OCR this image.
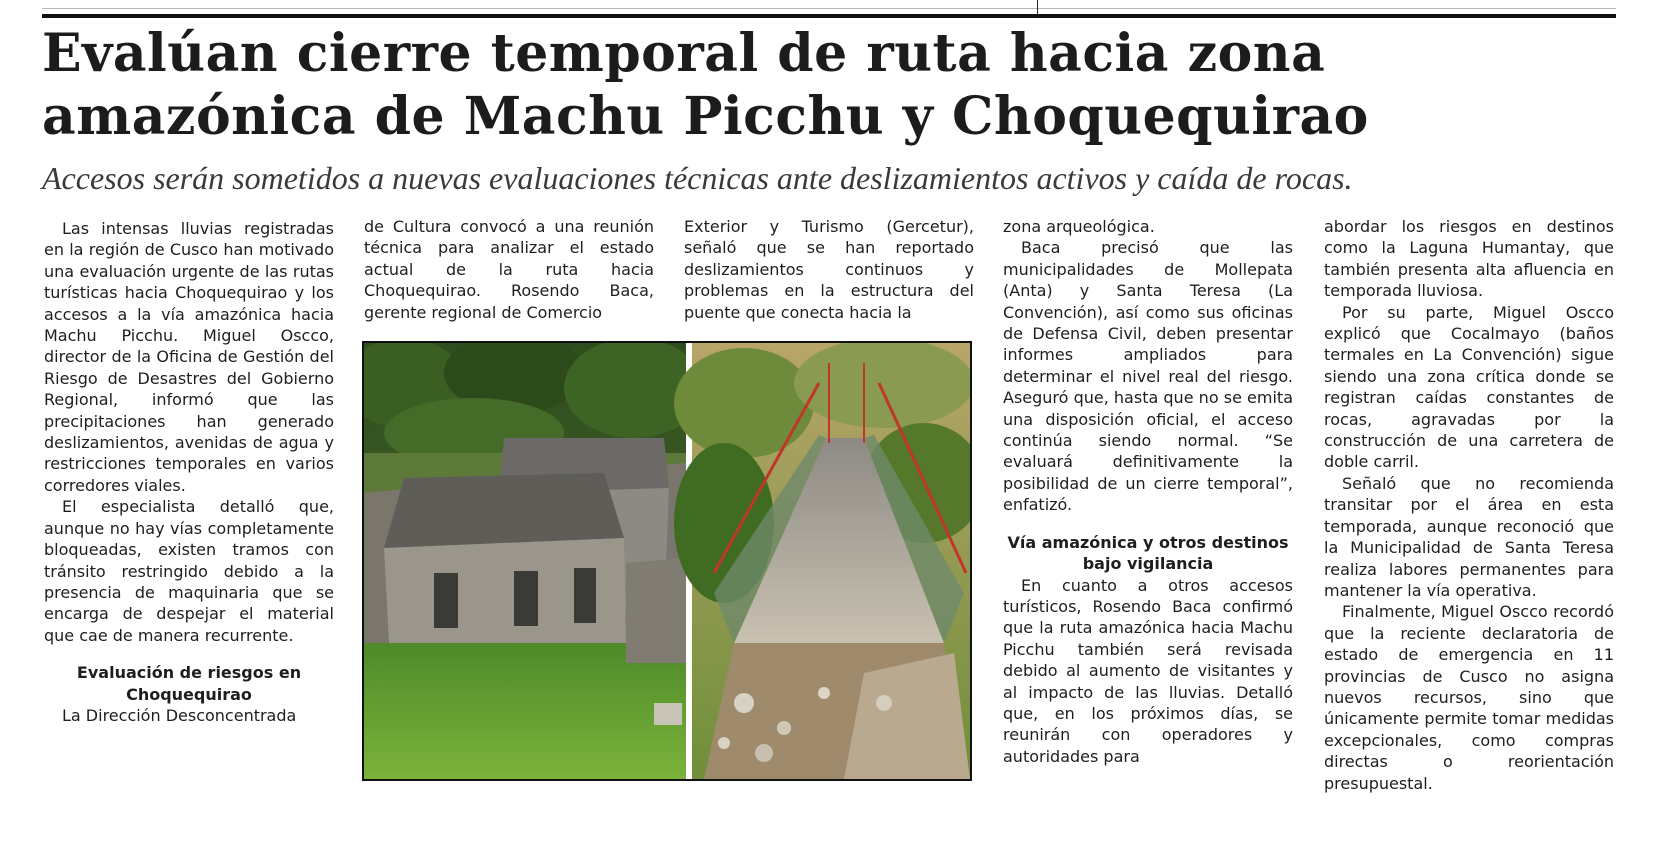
Evalúan cierre temporal de ruta hacia zona amazónica de Machu Picchu y Choquequirao

Accesos serán sometidos a nuevas evaluaciones técnicas ante deslizamientos activos y caída de rocas.

Las intensas lluvias registradas en la región de Cusco han motivado una evaluación urgente de las rutas turísticas hacia Choquequirao y los accesos a la vía amazónica hacia Machu Picchu. Miguel Oscco, director de la Oficina de Gestión del Riesgo de Desastres del Gobierno Regional, informó que las precipitaciones han generado deslizamientos, avenidas de agua y restricciones temporales en varios corredores viales.

El especialista detalló que, aunque no hay vías completamente bloqueadas, existen tramos con tránsito restringido debido a la presencia de maquinaria que se encarga de despejar el material que cae de manera recurrente.

Evaluación de riesgos en Choquequirao

La Dirección Desconcentrada

de Cultura convocó a una reunión técnica para analizar el estado actual de la ruta hacia Choquequirao. Rosendo Baca, gerente regional de Comercio

Exterior y Turismo (Gercetur), señaló que se han reportado deslizamientos continuos y problemas en la estructura del puente que conecta hacia la

zona arqueológica.

Baca precisó que las municipalidades de Mollepata (Anta) y Santa Teresa (La Convención), así como sus oficinas de Defensa Civil, deben presentar informes ampliados para determinar el nivel real del riesgo. Aseguró que, hasta que no se emita una disposición oficial, el acceso continúa siendo normal. “Se evaluará definitivamente la posibilidad de un cierre temporal”, enfatizó.

Vía amazónica y otros destinos bajo vigilancia

En cuanto a otros accesos turísticos, Rosendo Baca confirmó que la ruta amazónica hacia Machu Picchu también será revisada debido al aumento de visitantes y al impacto de las lluvias. Detalló que, en los próximos días, se reunirán con operadores y autoridades para

abordar los riesgos en destinos como la Laguna Humantay, que también presenta alta afluencia en temporada lluviosa.

Por su parte, Miguel Oscco explicó que Cocalmayo (baños termales en La Convención) sigue siendo una zona crítica donde se registran caídas constantes de rocas, agravadas por la construcción de una carretera de doble carril.

Señaló que no recomienda transitar por el área en esta temporada, aunque reconoció que la Municipalidad de Santa Teresa realiza labores permanentes para mantener la vía operativa.

Finalmente, Miguel Oscco recordó que la reciente declaratoria de estado de emergencia en 11 provincias de Cusco no asigna nuevos recursos, sino que únicamente permite tomar medidas excepcionales, como compras directas o reorientación presupuestal.
